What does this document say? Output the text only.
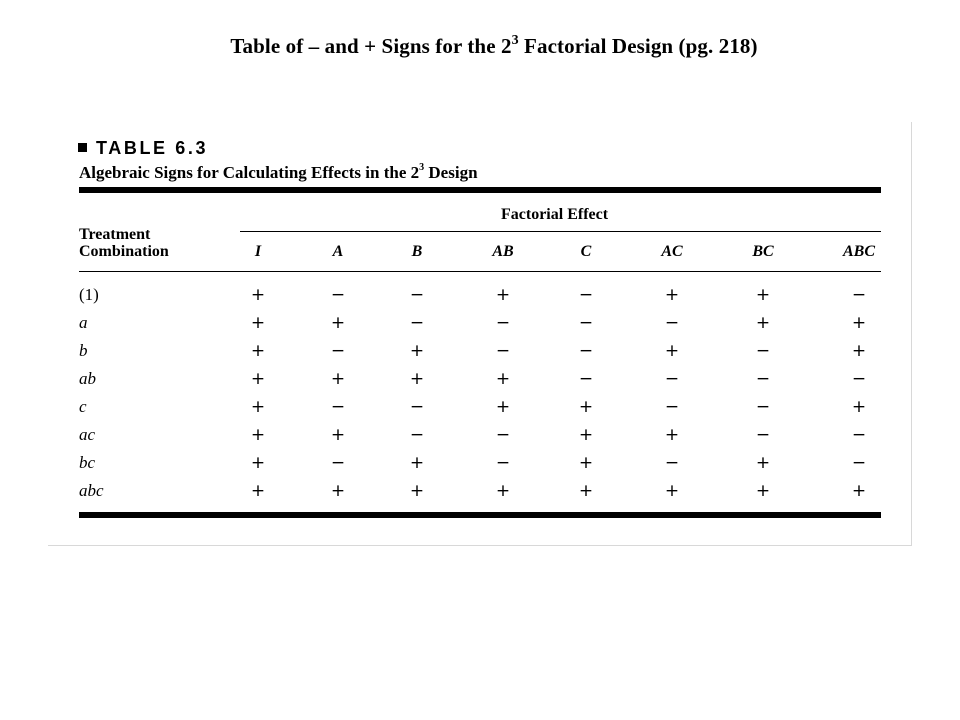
Table of – and + Signs for the $2^3$ Factorial Design (pg. 218)
TABLE 6.3
Algebraic Signs for Calculating Effects in the $2^3$ Design
Treatment
Combination
Factorial Effect
I	A	B	AB	C	AC	BC	ABC
(1)	+	−	−	+	−	+	+	−
a	+	+	−	−	−	−	+	+
b	+	−	+	−	−	+	−	+
ab	+	+	+	+	−	−	−	−
c	+	−	−	+	+	−	−	+
ac	+	+	−	−	+	+	−	−
bc	+	−	+	−	+	−	+	−
abc	+	+	+	+	+	+	+	+
